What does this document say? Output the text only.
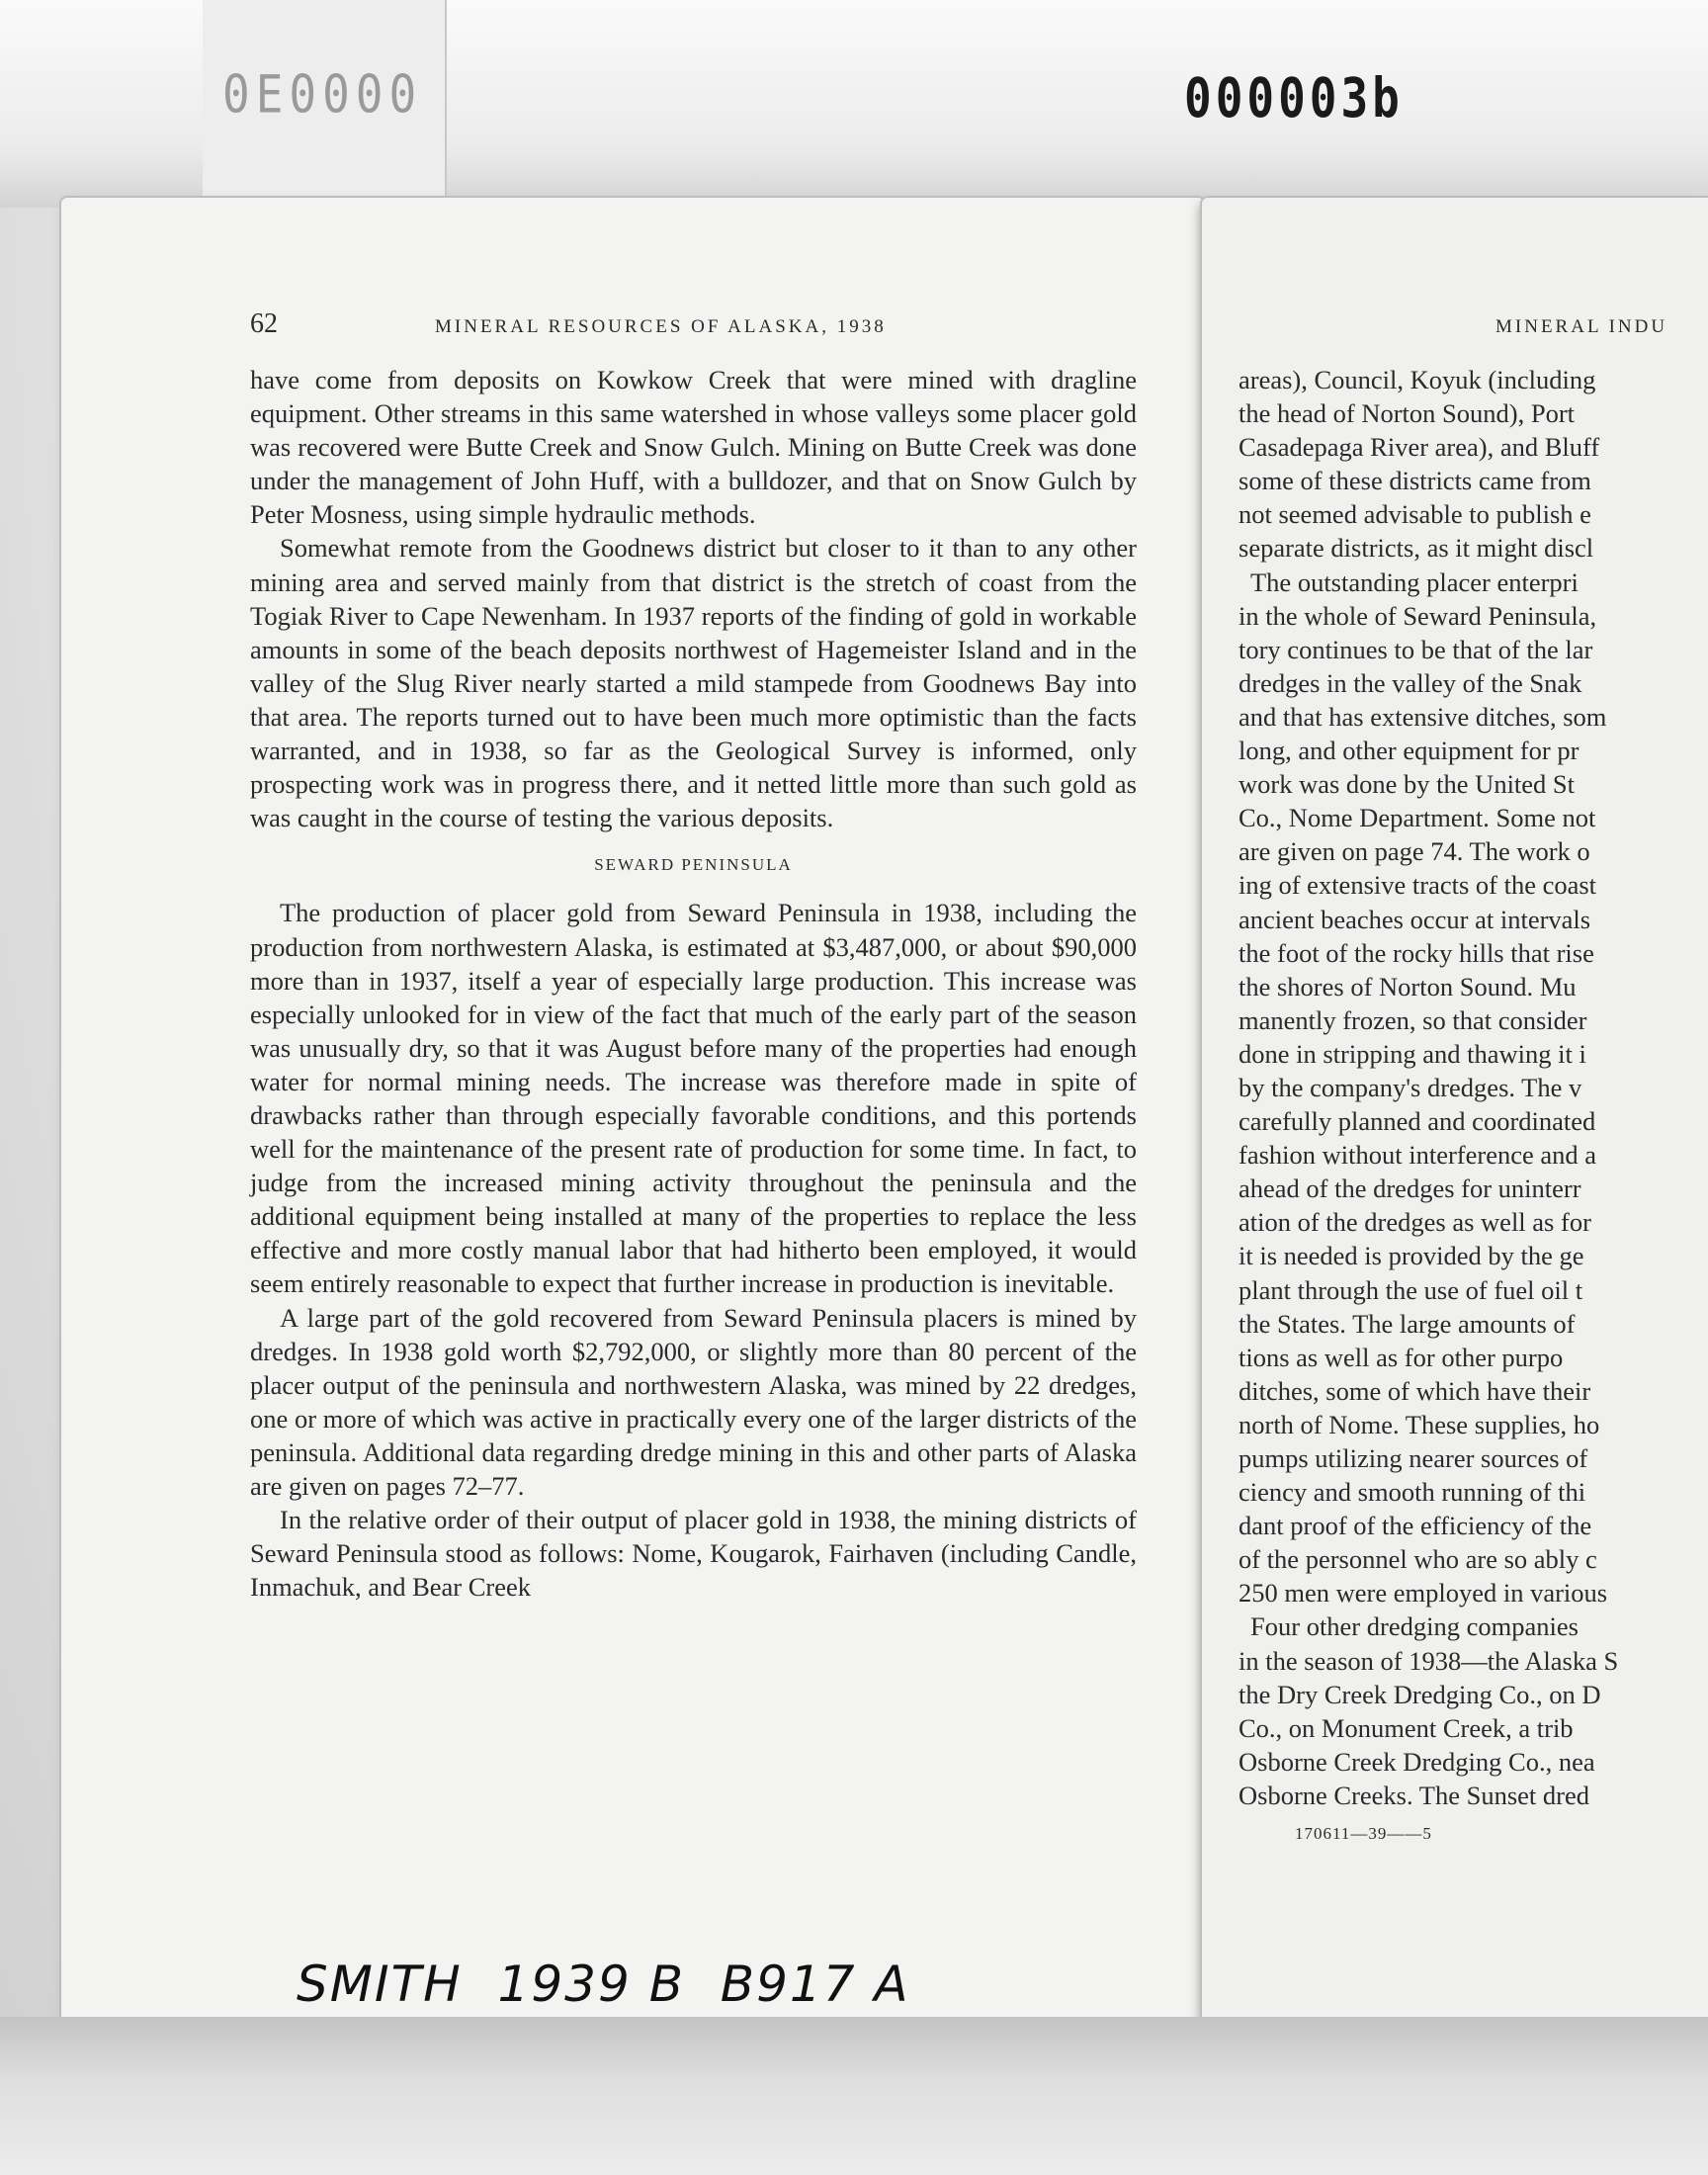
0E0000	000003b
62	MINERAL RESOURCES OF ALASKA, 1938

have come from deposits on Kowkow Creek that were mined with dragline equipment. Other streams in this same watershed in whose valleys some placer gold was recovered were Butte Creek and Snow Gulch. Mining on Butte Creek was done under the management of John Huff, with a bulldozer, and that on Snow Gulch by Peter Mosness, using simple hydraulic methods.

Somewhat remote from the Goodnews district but closer to it than to any other mining area and served mainly from that district is the stretch of coast from the Togiak River to Cape Newenham. In 1937 reports of the finding of gold in workable amounts in some of the beach deposits northwest of Hagemeister Island and in the valley of the Slug River nearly started a mild stampede from Goodnews Bay into that area. The reports turned out to have been much more optimistic than the facts warranted, and in 1938, so far as the Geological Survey is informed, only prospecting work was in progress there, and it netted little more than such gold as was caught in the course of testing the various deposits.

SEWARD PENINSULA

The production of placer gold from Seward Peninsula in 1938, including the production from northwestern Alaska, is estimated at $3,487,000, or about $90,000 more than in 1937, itself a year of especially large production. This increase was especially unlooked for in view of the fact that much of the early part of the season was unusually dry, so that it was August before many of the properties had enough water for normal mining needs. The increase was therefore made in spite of drawbacks rather than through especially favorable conditions, and this portends well for the maintenance of the present rate of production for some time. In fact, to judge from the increased mining activity throughout the peninsula and the additional equipment being installed at many of the properties to replace the less effective and more costly manual labor that had hitherto been employed, it would seem entirely reasonable to expect that further increase in production is inevitable.

A large part of the gold recovered from Seward Peninsula placers is mined by dredges. In 1938 gold worth $2,792,000, or slightly more than 80 percent of the placer output of the peninsula and northwestern Alaska, was mined by 22 dredges, one or more of which was active in practically every one of the larger districts of the peninsula. Additional data regarding dredge mining in this and other parts of Alaska are given on pages 72–77.

In the relative order of their output of placer gold in 1938, the mining districts of Seward Peninsula stood as follows: Nome, Kougarok, Fairhaven (including Candle, Inmachuk, and Bear Creek

MINERAL INDU
areas), Council, Koyuk (including
the head of Norton Sound), Port
Casadepaga River area), and Bluff
some of these districts came from
not seemed advisable to publish e
separate districts, as it might discl
The outstanding placer enterpri
in the whole of Seward Peninsula,
tory continues to be that of the lar
dredges in the valley of the Snak
and that has extensive ditches, som
long, and other equipment for pr
work was done by the United St
Co., Nome Department. Some not
are given on page 74. The work o
ing of extensive tracts of the coast
ancient beaches occur at intervals
the foot of the rocky hills that rise
the shores of Norton Sound. Mu
manently frozen, so that consider
done in stripping and thawing it i
by the company's dredges. The v
carefully planned and coordinated
fashion without interference and a
ahead of the dredges for uninterr
ation of the dredges as well as for
it is needed is provided by the ge
plant through the use of fuel oil t
the States. The large amounts of
tions as well as for other purpo
ditches, some of which have their
north of Nome. These supplies, ho
pumps utilizing nearer sources of
ciency and smooth running of thi
dant proof of the efficiency of the
of the personnel who are so ably c
250 men were employed in various
Four other dredging companies
in the season of 1938—the Alaska S
the Dry Creek Dredging Co., on D
Co., on Monument Creek, a trib
Osborne Creek Dredging Co., nea
Osborne Creeks. The Sunset dred
170611—39——5
SMITH  1939 B  B917 A
